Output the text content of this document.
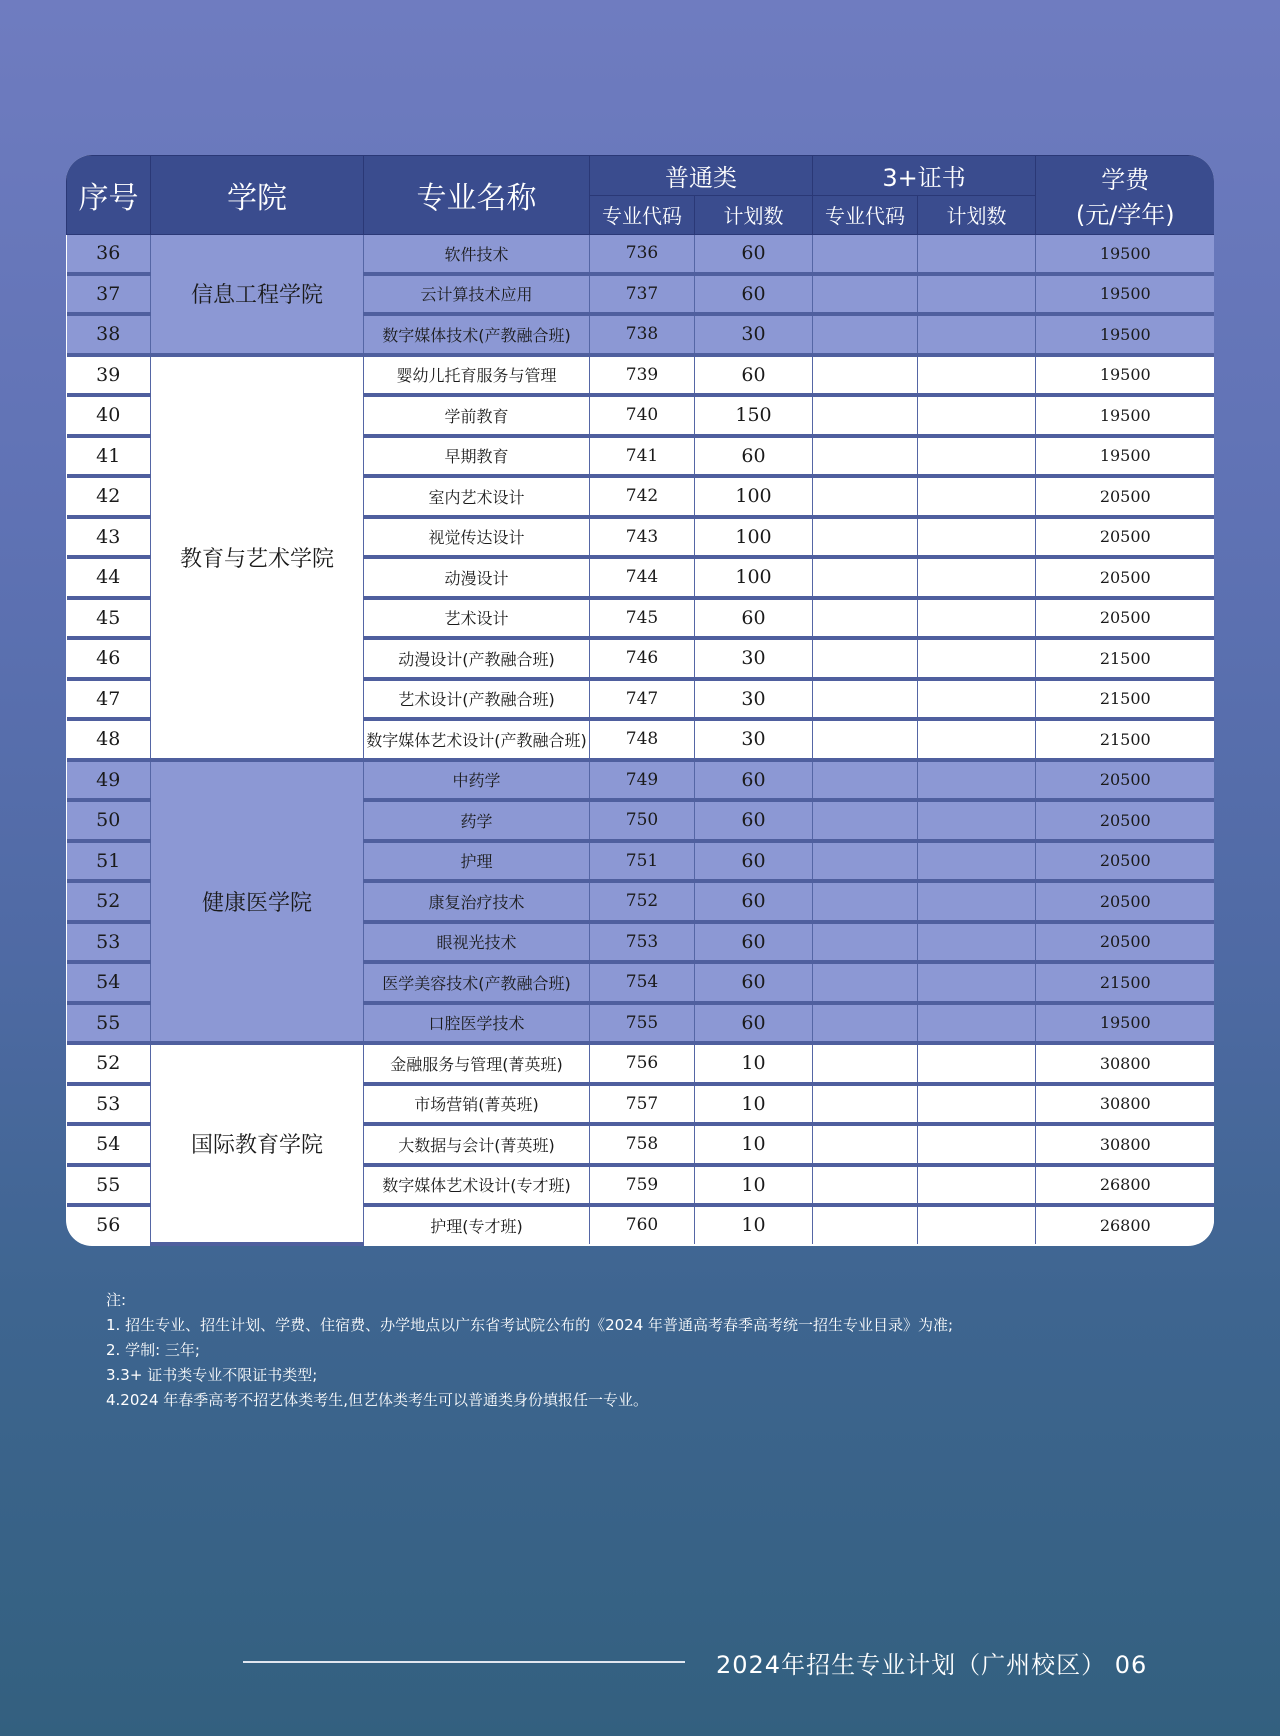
序号	学院	专业名称	普通类		3+证书		学费
(元/学年)

			专业代码	计划数	专业代码	计划数	
36	信息工程学院	软件技术	736	60			19500
37		云计算技术应用	737	60			19500
38		数字媒体技术(产教融合班)	738	30			19500
39	教育与艺术学院	婴幼儿托育服务与管理	739	60			19500
40		学前教育	740	150			19500
41		早期教育	741	60			19500
42		室内艺术设计	742	100			20500
43		视觉传达设计	743	100			20500
44		动漫设计	744	100			20500
45		艺术设计	745	60			20500
46		动漫设计(产教融合班)	746	30			21500
47		艺术设计(产教融合班)	747	30			21500
48		数字媒体艺术设计(产教融合班)	748	30			21500
49	健康医学院	中药学	749	60			20500
50		药学	750	60			20500
51		护理	751	60			20500
52		康复治疗技术	752	60			20500
53		眼视光技术	753	60			20500
54		医学美容技术(产教融合班)	754	60			21500
55		口腔医学技术	755	60			19500
52	国际教育学院	金融服务与管理(菁英班)	756	10			30800
53		市场营销(菁英班)	757	10			30800
54		大数据与会计(菁英班)	758	10			30800
55		数字媒体艺术设计(专才班)	759	10			26800
56		护理(专才班)	760	10			26800
注:
1. 招生专业、招生计划、学费、住宿费、办学地点以广东省考试院公布的《2024 年普通高考春季高考统一招生专业目录》为准;
2. 学制: 三年;
3.3+ 证书类专业不限证书类型;
4.2024 年春季高考不招艺体类考生,但艺体类考生可以普通类身份填报任一专业。
2024年招生专业计划（广州校区） 06
